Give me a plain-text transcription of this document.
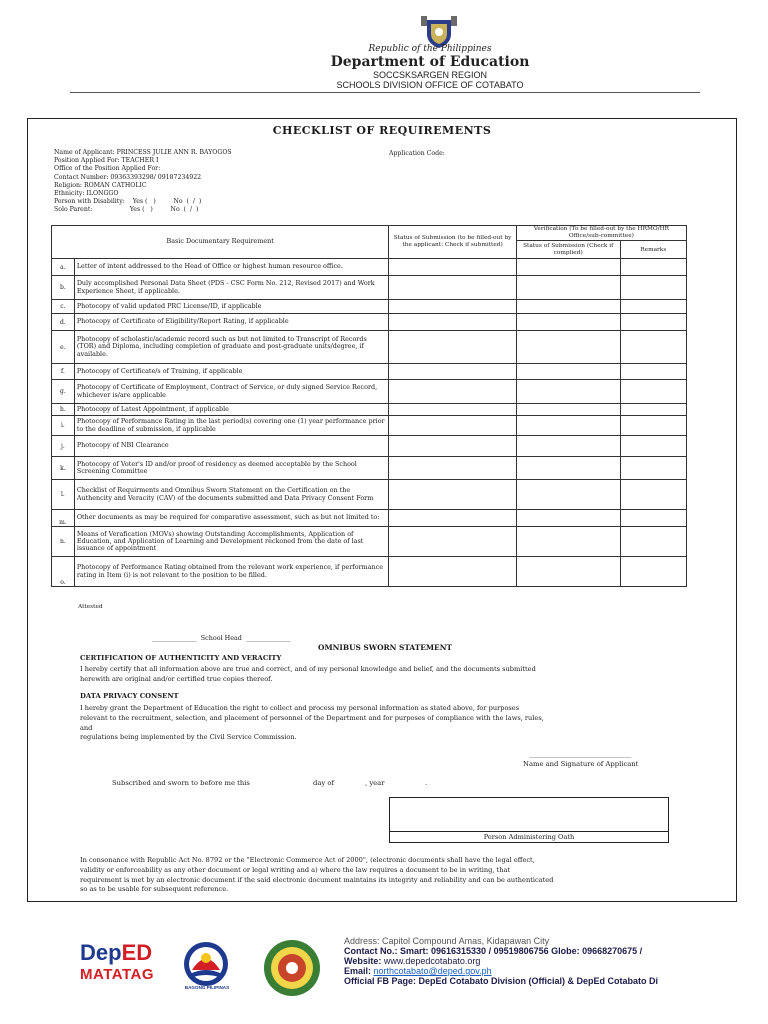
Republic of the Philippines
Department of Education
SOCCSKSARGEN REGION
SCHOOLS DIVISION OFFICE OF COTABATO
CHECKLIST OF REQUIREMENTS
Name of Applicant: PRINCESS JULIE ANN R. BAYOGOS
Position Applied For: TEACHER I
Office of the Position Applied For:
Contact Number: 09363393298/ 09187234922
Religion: ROMAN CATHOLIC
Ethnicity: ILONGGO
Person with Disability:    Yes (   )         No  (  /  )
Solo Parent:                   Yes (   )         No  (  /  )
Application Code:
Basic Documentary Requirement		Status of Submission (to be filled-out by the applicant: Check if submitted)	Verification (To be filled-out by the HRMO/HR Office/sub-committee)	
			Status of Submission (Check if complied)	Remarks
a.	Letter of intent addressed to the Head of Office or highest human resource office.			
b.	Duly accomplished Personal Data Sheet (PDS - CSC Form No. 212, Revised 2017) and Work Experience Sheet, if applicable.			
c.	Photocopy of valid updated PRC License/ID, if applicable			
d.	Photocopy of Certificate of Eligibility/Report Rating, if applicable			
e.	Photocopy of scholastic/academic record such as but not limited to Transcript of Records (TOR) and Diploma, including completion of graduate and post-graduate units/degree, if available.			
f.	Photocopy of Certificate/s of Training, if applicable			
g.	Photocopy of Certificate of Employment, Contract of Service, or duly signed Service Record, whichever is/are applicable			
h.	Photocopy of Latest Appointment, if applicable			
i.	Photocopy of Performance Rating in the last period(s) covering one (1) year performance prior to the deadline of submission, if applicable			
j.	Photocopy of NBI Clearance			
k.	Photocopy of Voter's ID and/or proof of residency as deemed acceptable by the School Screening Committee			
l.	Checklist of Requirments and Omnibus Sworn Statement on the Certification on the Authencity and Veracity (CAV) of the documents submitted and Data Privacy Consent Form			
m.	Other documents as may be required for comparative assessment, such as but not limited to:			
n.	Means of Verafication (MOVs) showing Outstanding Accomplishments, Application of Education, and Application of Learning and Development reckoned from the date of last issuance of appointment			
o.	Photocopy of Performance Rating obtained from the relevant work experience, if performance rating in Item (i) is not relevant to the position to be filled.			
Attested
______________  School Head  ______________
OMNIBUS SWORN STATEMENT
CERTIFICATION OF AUTHENTICITY AND VERACITY
I hereby certify that all information above are true and correct, and of my personal knowledge and belief, and the documents submitted
herewith are original and/or certified true copies thereof.
DATA PRIVACY CONSENT
I hereby grant the Department of Education the right to collect and process my personal information as stated above, for purposes
relevant to the recruitment, selection, and placement of personnel of the Department and for purposes of compliance with the laws, rules,
and
regulations being implemented by the Civil Service Commission.
________________________________
Name and Signature of Applicant
Subscribed and sworn to before me this	day of	, year	.
Person Administering Oath
In consonance with Republic Act No. 8792 or the "Electronic Commerce Act of 2000", (electronic documents shall have the legal effect,
validity or enforceability as any other document or legal writing and a) where the law requires a document to be in writing, that
requirement is met by an electronic document if the said electronic document maintains its integrity and reliability and can be authenticated
so as to be usable for subsequent reference.
DepED
MATATAG
BAGONG PILIPINAS
Address: Capitol Compound Amas, Kidapawan City
Contact No.: Smart: 09616315330 / 09519806756 Globe: 09668270675 /
Website: www.depedcotabato.org
Email: northcotabato@deped.gov.ph
Official FB Page: DepEd Cotabato Division (Official) & DepEd Cotabato Di
